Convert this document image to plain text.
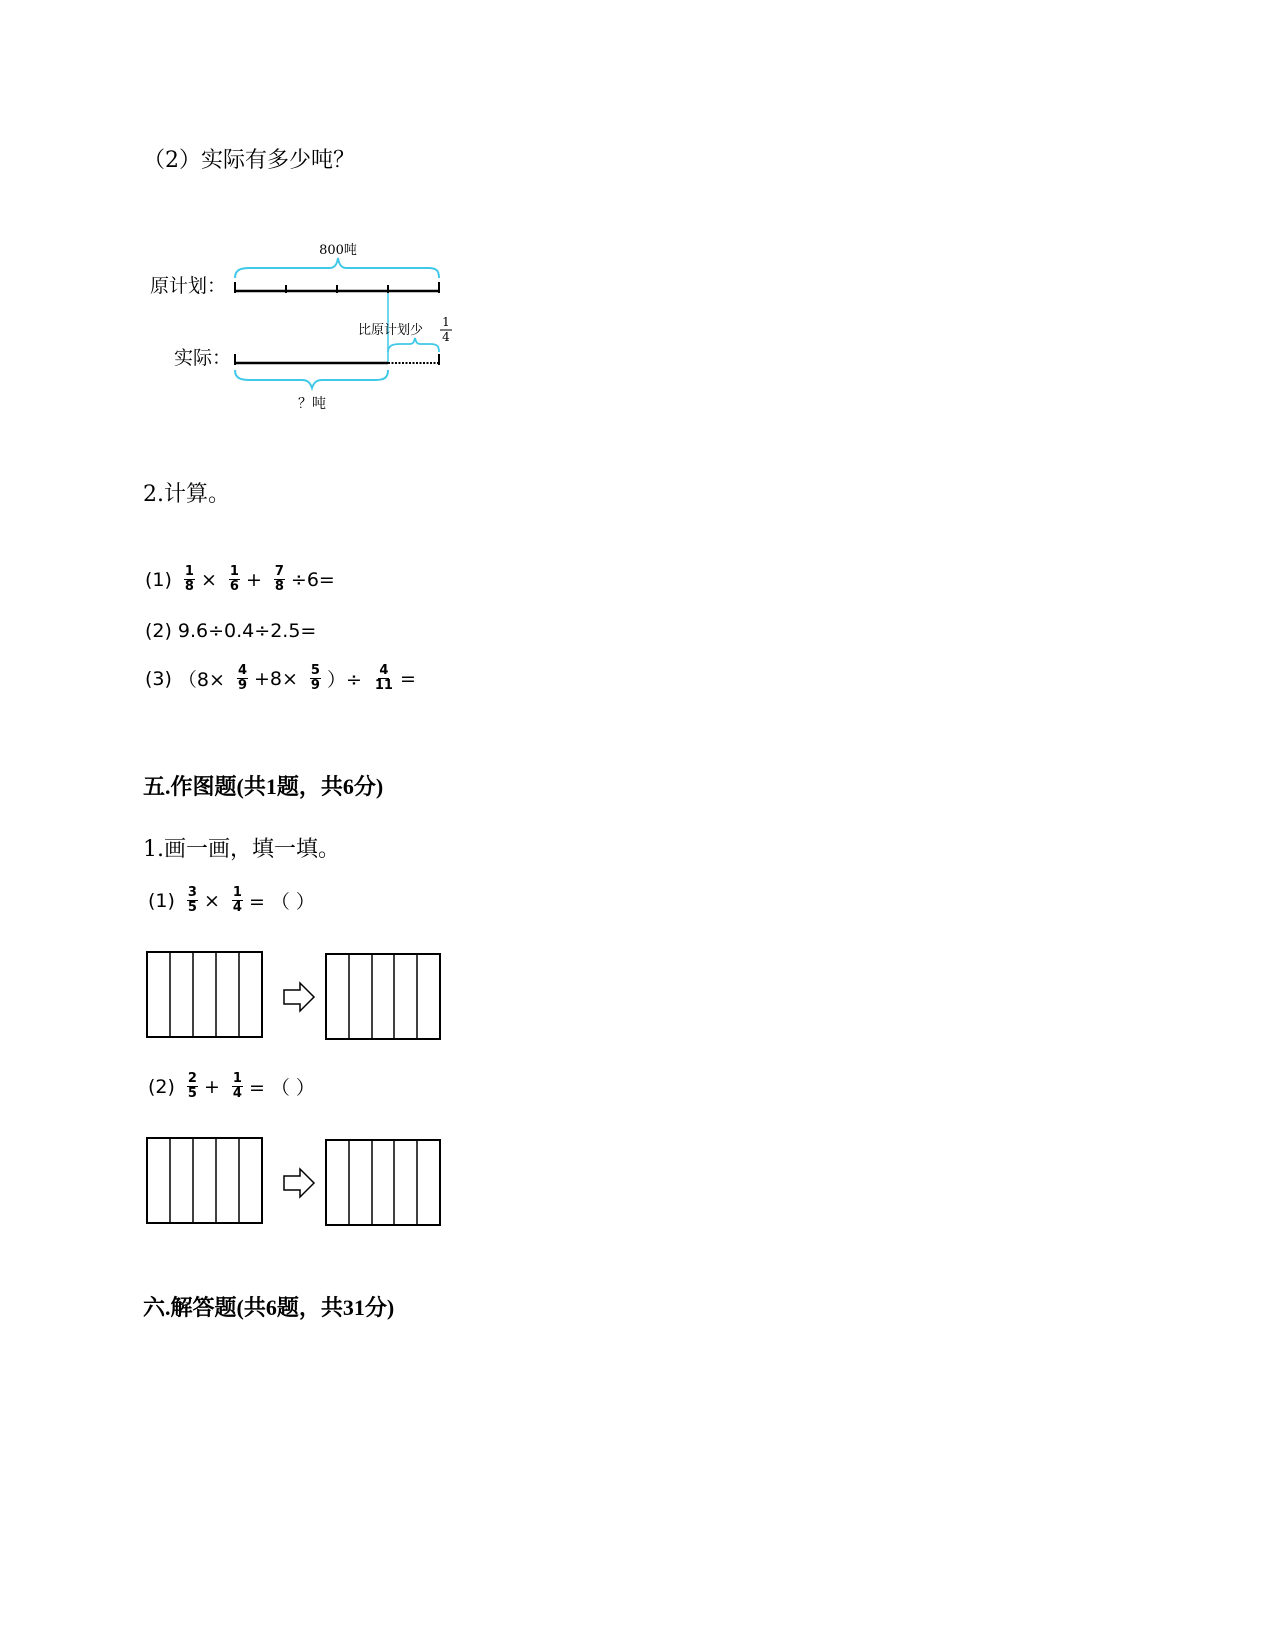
（2）实际有多少吨？
800吨
原计划：
比原计划少
1
4
实际：
？吨
2.计算。
$(1) \frac{1}{8} \times \frac{1}{6} + \frac{7}{8} \div 6=$
(2) 9.6÷0.4÷2.5=
(3) （$8\times \frac{4}{9} +8\times \frac{5}{9}$ ）÷ $\frac{4}{11}$ =
五.作图题(共1题，共6分)
1.画一画，填一填。
$(1) \frac{3}{5} \times \frac{1}{4}$ = （ ）
$(2) \frac{2}{5} + \frac{1}{4}$ = （ ）
六.解答题(共6题，共31分)
